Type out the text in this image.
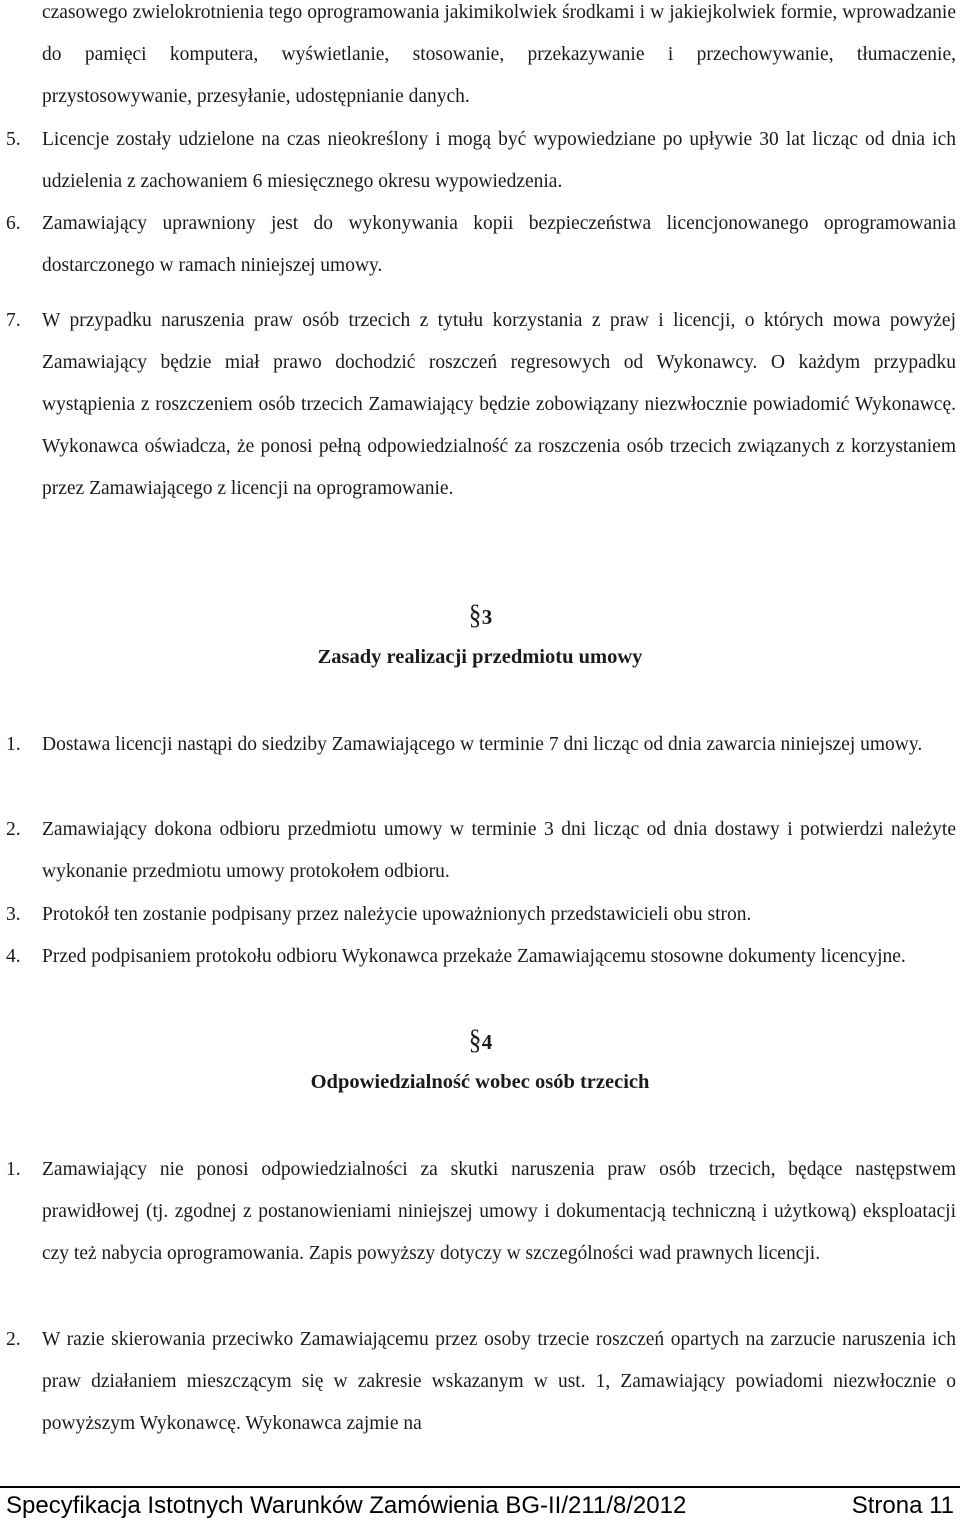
czasowego zwielokrotnienia tego oprogramowania jakimikolwiek środkami i w jakiejkolwiek formie, wprowadzanie do pamięci komputera, wyświetlanie, stosowanie, przekazywanie i przechowywanie, tłumaczenie, przystosowywanie, przesyłanie, udostępnianie danych.

5. Licencje zostały udzielone na czas nieokreślony i mogą być wypowiedziane po upływie 30 lat licząc od dnia ich udzielenia z zachowaniem 6 miesięcznego okresu wypowiedzenia.
6. Zamawiający uprawniony jest do wykonywania kopii bezpieczeństwa licencjonowanego oprogramowania dostarczonego w ramach niniejszej umowy.
7. W przypadku naruszenia praw osób trzecich z tytułu korzystania z praw i licencji, o których mowa powyżej Zamawiający będzie miał prawo dochodzić roszczeń regresowych od Wykonawcy. O każdym przypadku wystąpienia z roszczeniem osób trzecich Zamawiający będzie zobowiązany niezwłocznie powiadomić Wykonawcę. Wykonawca oświadcza, że ponosi pełną odpowiedzialność za roszczenia osób trzecich związanych z korzystaniem przez Zamawiającego z licencji na oprogramowanie.
§3
Zasady realizacji przedmiotu umowy
1. Dostawa licencji nastąpi do siedziby Zamawiającego w terminie 7 dni licząc od dnia zawarcia niniejszej umowy.
2. Zamawiający dokona odbioru przedmiotu umowy w terminie 3 dni licząc od dnia dostawy i potwierdzi należyte wykonanie przedmiotu umowy protokołem odbioru.
3. Protokół ten zostanie podpisany przez należycie upoważnionych przedstawicieli obu stron.
4. Przed podpisaniem protokołu odbioru Wykonawca przekaże Zamawiającemu stosowne dokumenty licencyjne.
§4
Odpowiedzialność wobec osób trzecich
1. Zamawiający nie ponosi odpowiedzialności za skutki naruszenia praw osób trzecich, będące następstwem prawidłowej (tj. zgodnej z postanowieniami niniejszej umowy i dokumentacją techniczną i użytkową) eksploatacji czy też nabycia oprogramowania. Zapis powyższy dotyczy w szczególności wad prawnych licencji.
2. W razie skierowania przeciwko Zamawiającemu przez osoby trzecie roszczeń opartych na zarzucie naruszenia ich praw działaniem mieszczącym się w zakresie wskazanym w ust. 1, Zamawiający powiadomi niezwłocznie o powyższym Wykonawcę. Wykonawca zajmie na
Specyfikacja Istotnych Warunków Zamówienia BG-II/211/8/2012	Strona 11
